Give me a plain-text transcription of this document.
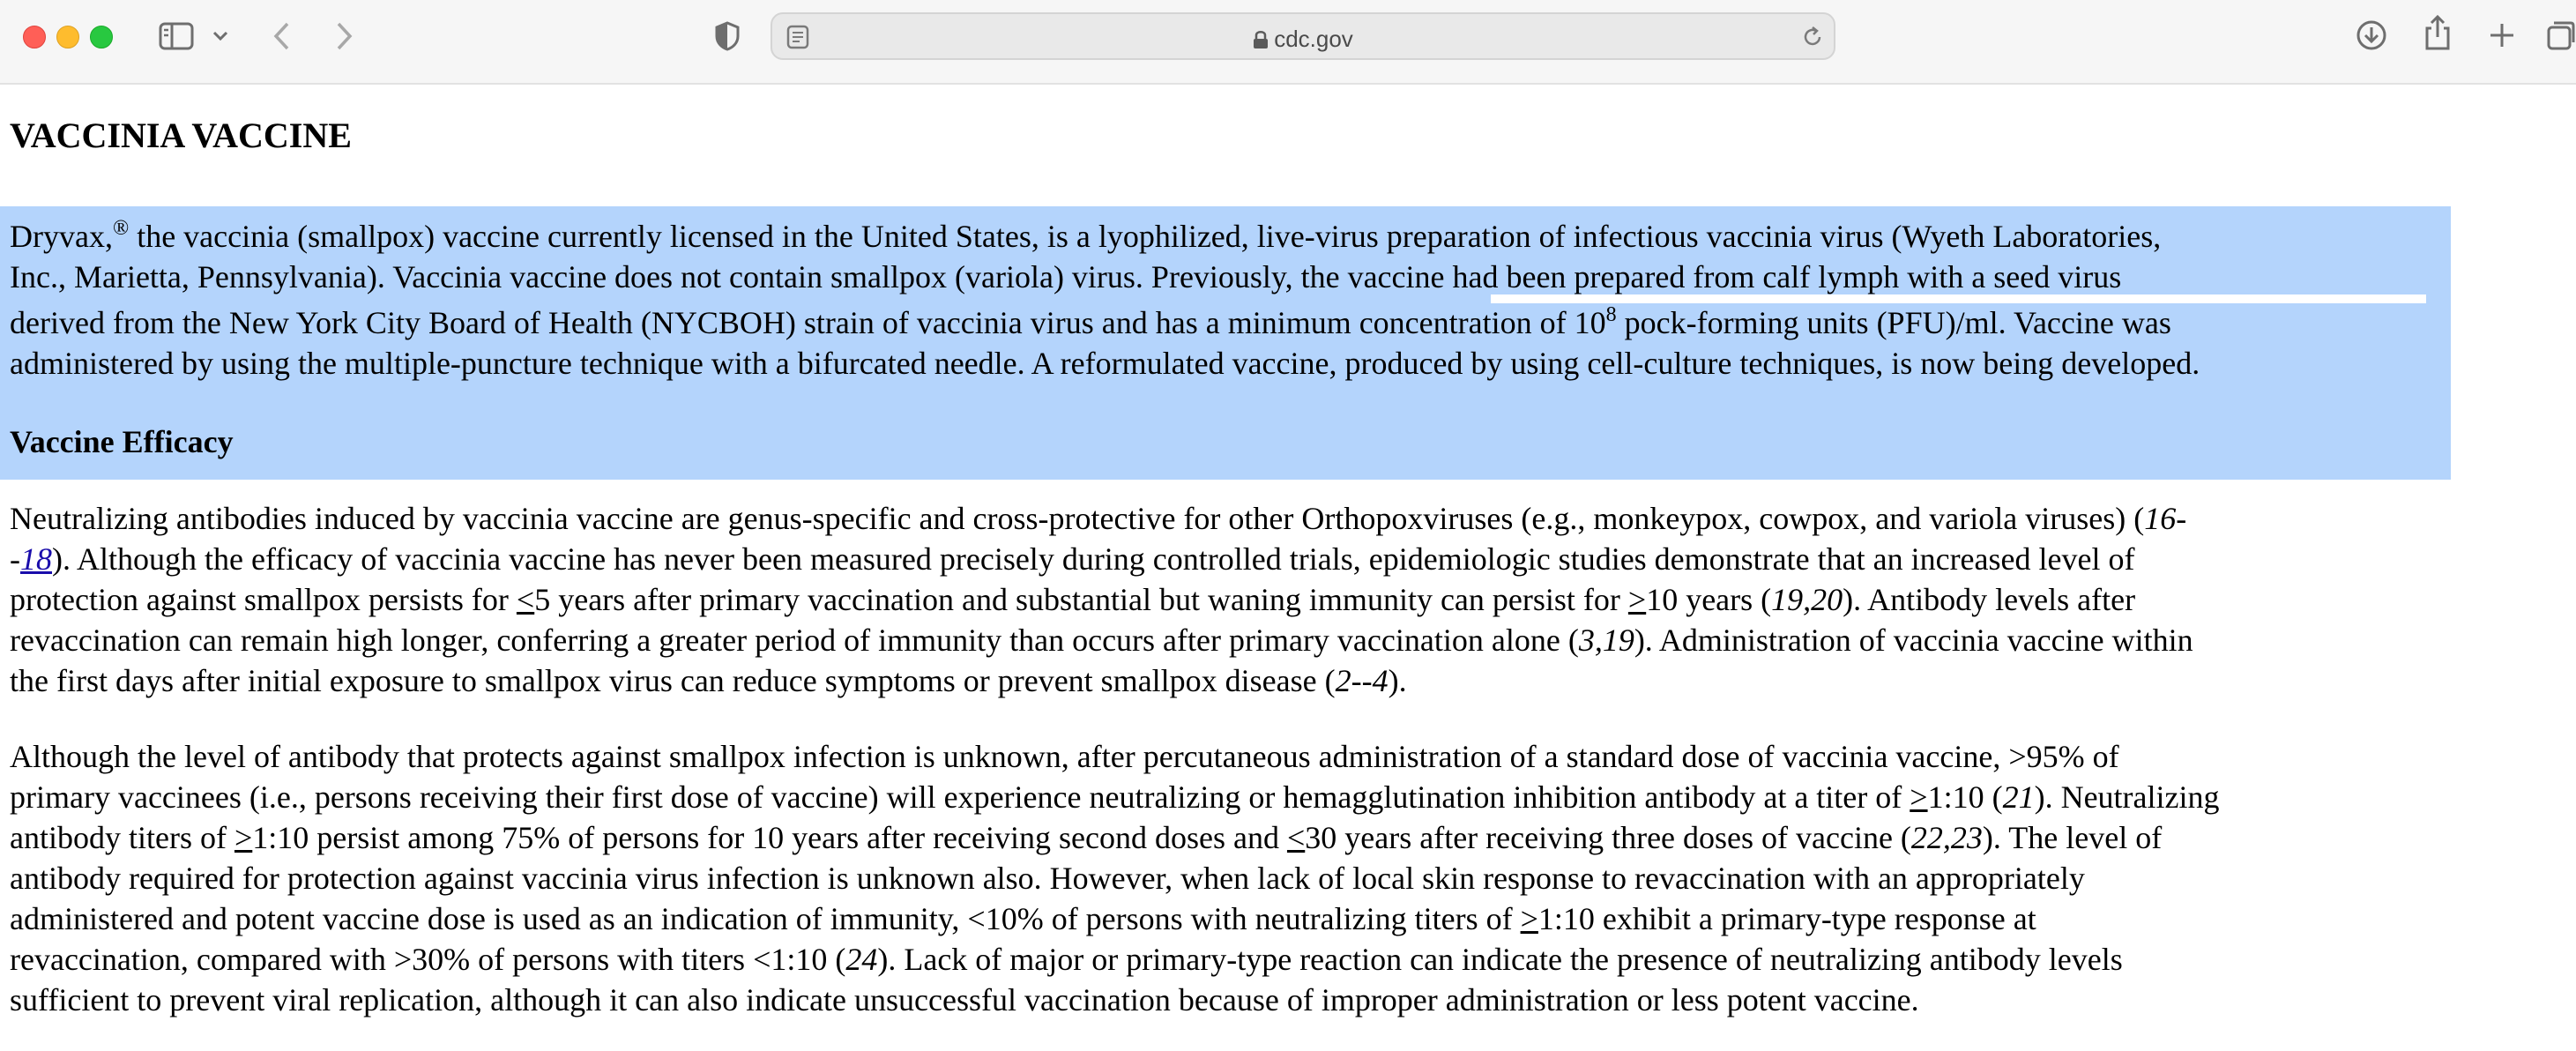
cdc.gov
VACCINIA VACCINE

Dryvax,® the vaccinia (smallpox) vaccine currently licensed in the United States, is a lyophilized, live-virus preparation of infectious vaccinia virus (Wyeth Laboratories,
Inc., Marietta, Pennsylvania). Vaccinia vaccine does not contain smallpox (variola) virus. Previously, the vaccine had been prepared from calf lymph with a seed virus
derived from the New York City Board of Health (NYCBOH) strain of vaccinia virus and has a minimum concentration of $10^8$ pock-forming units (PFU)/ml. Vaccine was
administered by using the multiple-puncture technique with a bifurcated needle. A reformulated vaccine, produced by using cell-culture techniques, is now being developed.

Vaccine Efficacy

Neutralizing antibodies induced by vaccinia vaccine are genus-specific and cross-protective for other Orthopoxviruses (e.g., monkeypox, cowpox, and variola viruses) (16-
-18). Although the efficacy of vaccinia vaccine has never been measured precisely during controlled trials, epidemiologic studies demonstrate that an increased level of
protection against smallpox persists for <5 years after primary vaccination and substantial but waning immunity can persist for >10 years (19,20). Antibody levels after
revaccination can remain high longer, conferring a greater period of immunity than occurs after primary vaccination alone (3,19). Administration of vaccinia vaccine within
the first days after initial exposure to smallpox virus can reduce symptoms or prevent smallpox disease (2--4).

Although the level of antibody that protects against smallpox infection is unknown, after percutaneous administration of a standard dose of vaccinia vaccine, >95% of
primary vaccinees (i.e., persons receiving their first dose of vaccine) will experience neutralizing or hemagglutination inhibition antibody at a titer of >1:10 (21). Neutralizing
antibody titers of >1:10 persist among 75% of persons for 10 years after receiving second doses and <30 years after receiving three doses of vaccine (22,23). The level of
antibody required for protection against vaccinia virus infection is unknown also. However, when lack of local skin response to revaccination with an appropriately
administered and potent vaccine dose is used as an indication of immunity, <10% of persons with neutralizing titers of >1:10 exhibit a primary-type response at
revaccination, compared with >30% of persons with titers <1:10 (24). Lack of major or primary-type reaction can indicate the presence of neutralizing antibody levels
sufficient to prevent viral replication, although it can also indicate unsuccessful vaccination because of improper administration or less potent vaccine.
